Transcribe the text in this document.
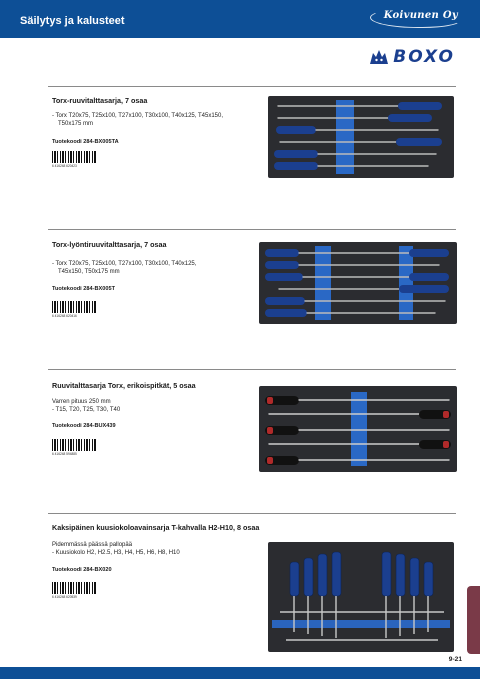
Säilytys ja kalusteet	Koivunen Oy
BOXO
Torx-ruuvitalttasarja, 7 osaa
- Torx T20x75, T25x100, T27x100, T30x100, T40x125, T45x150,
T50x175 mm
Tuotekoodi 284-BX005TA
6 416248 620423
Torx-lyöntiruuvitalttasarja, 7 osaa
- Torx T20x75, T25x100, T27x100, T30x100, T40x125,
T45x150, T50x175 mm
Tuotekoodi 284-BX005T
6 416248 620416
Ruuvitalttasarja Torx, erikoispitkät, 5 osaa
Varren pituus 250 mm
- T15, T20, T25, T30, T40
Tuotekoodi 284-BUX439
6 416248 594885
Kaksipäinen kuusiokoloavainsarja T-kahvalla H2-H10, 8 osaa
Pidemmässä päässä pallopää
- Kuusiokolo H2, H2.5, H3, H4, H5, H6, H8, H10
Tuotekoodi 284-BX020
6 416248 620539
9-21
